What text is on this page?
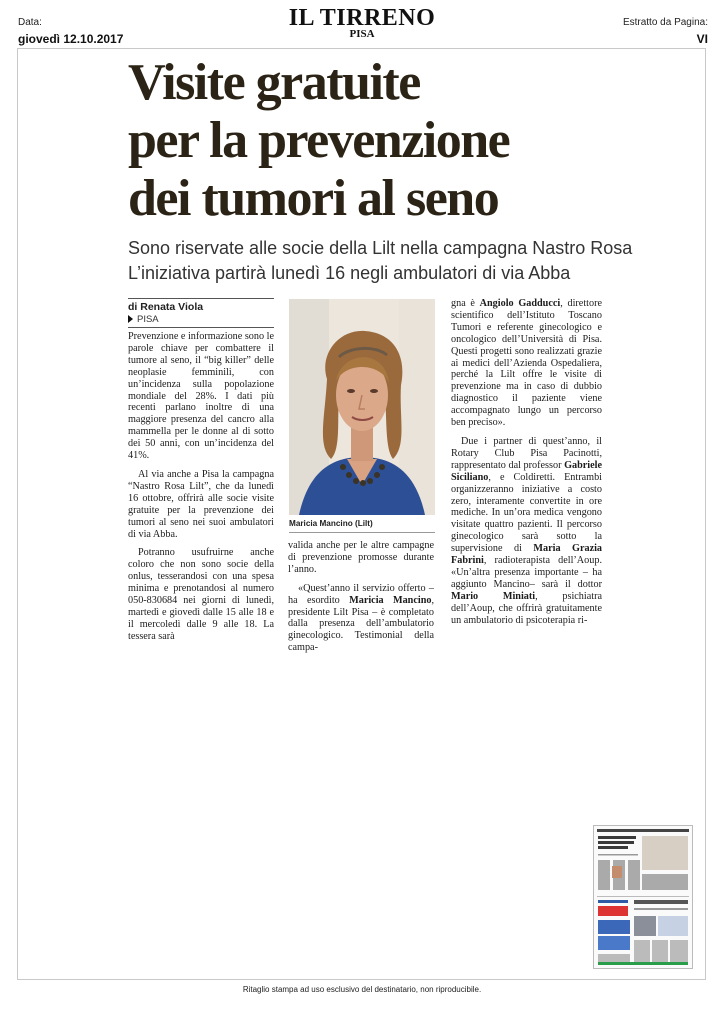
Data:
giovedì 12.10.2017
IL TIRRENO
PISA
Estratto da Pagina:
VI
Visite gratuite
per la prevenzione
dei tumori al seno
Sono riservate alle socie della Lilt nella campagna Nastro Rosa
L’iniziativa partirà lunedì 16 negli ambulatori di via Abba
di Renata Viola
PISA

Prevenzione e informazione sono le parole chiave per combattere il tumore al seno, il “big killer” delle neoplasie femminili, con un’incidenza sulla popolazione mondiale del 28%. I dati più recenti parlano inoltre di una maggiore presenza del cancro alla mammella per le donne al di sotto dei 50 anni, con un’incidenza del 41%.

Al via anche a Pisa la campagna “Nastro Rosa Lilt”, che da lunedì 16 ottobre, offrirà alle socie visite gratuite per la prevenzione dei tumori al seno nei suoi ambulatori di via Abba.

Potranno usufruirne anche coloro che non sono socie della onlus, tesserandosi con una spesa minima e prenotandosi al numero 050-830684 nei giorni di lunedì, martedì e giovedì dalle 15 alle 18 e il mercoledì dalle 9 alle 18. La tessera sarà

Maricia Mancino (Lilt)

valida anche per le altre campagne di prevenzione promosse durante l’anno.

«Quest’anno il servizio offerto – ha esordito Maricia Mancino, presidente Lilt Pisa – è completato dalla presenza dell’ambulatorio ginecologico. Testimonial della campa-

gna è Angiolo Gadducci, direttore scientifico dell’Istituto Toscano Tumori e referente ginecologico e oncologico dell’Università di Pisa. Questi progetti sono realizzati grazie ai medici dell’Azienda Ospedaliera, perché la Lilt offre le visite di prevenzione ma in caso di dubbio diagnostico il paziente viene accompagnato lungo un percorso ben preciso».

Due i partner di quest’anno, il Rotary Club Pisa Pacinotti, rappresentato dal professor Gabriele Siciliano, e Coldiretti. Entrambi organizzeranno iniziative a costo zero, interamente convertite in ore mediche. In un’ora medica vengono visitate quattro pazienti. Il percorso ginecologico sarà sotto la supervisione di Maria Grazia Fabrini, radioterapista dell’Aoup. «Un’altra presenza importante – ha aggiunto Mancino– sarà il dottor Mario Miniati, psichiatra dell’Aoup, che offrirà gratuitamente un ambulatorio di psicoterapia ri-

Ritaglio stampa ad uso esclusivo del destinatario, non riproducibile.
